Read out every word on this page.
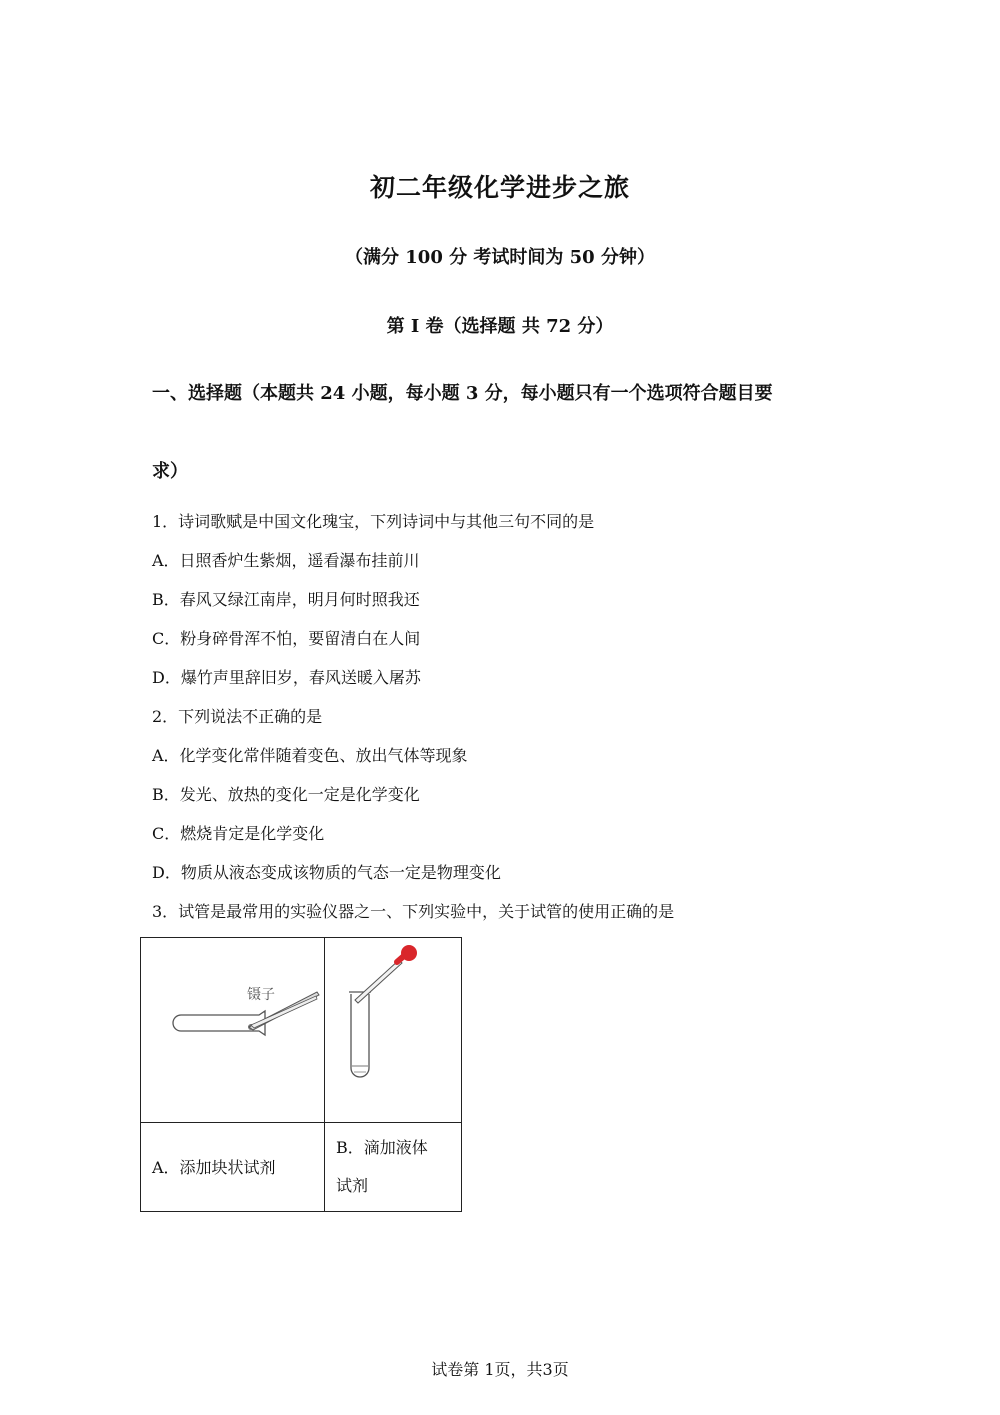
初二年级化学进步之旅
（满分 100 分 考试时间为 50 分钟）
第 I 卷（选择题 共 72 分）
一、选择题（本题共 24 小题，每小题 3 分，每小题只有一个选项符合题目要
求）
1．诗词歌赋是中国文化瑰宝，下列诗词中与其他三句不同的是
A．日照香炉生紫烟，遥看瀑布挂前川
B．春风又绿江南岸，明月何时照我还
C．粉身碎骨浑不怕，要留清白在人间
D．爆竹声里辞旧岁，春风送暖入屠苏
2．下列说法不正确的是
A．化学变化常伴随着变色、放出气体等现象
B．发光、放热的变化一定是化学变化
C．燃烧肯定是化学变化
D．物质从液态变成该物质的气态一定是物理变化
3．试管是最常用的实验仪器之一、下列实验中，关于试管的使用正确的是
镊子

A．添加块状试剂	B．滴加液体
试剂
试卷第 1页，共3页
